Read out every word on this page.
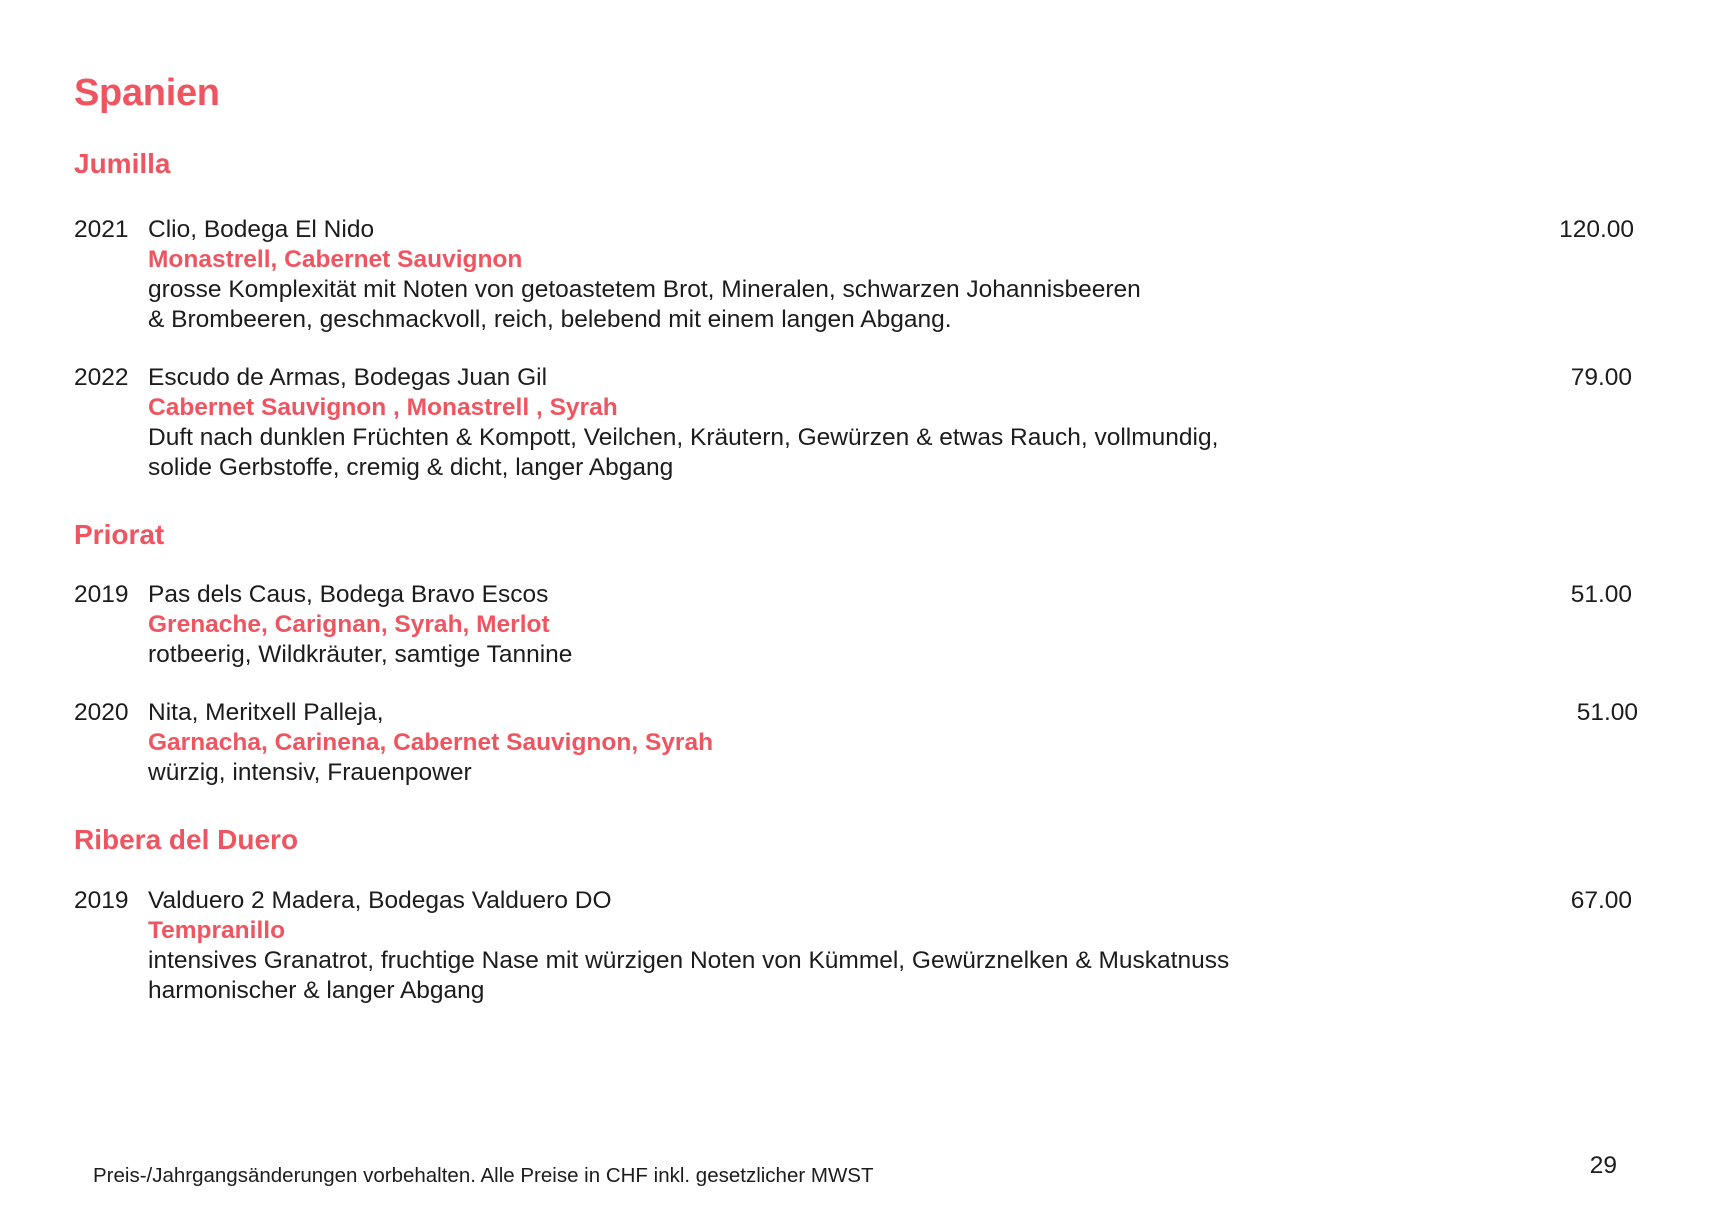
Spanien
Jumilla
2021 Clio, Bodega El Nido
Monastrell, Cabernet Sauvignon
grosse Komplexität mit Noten von getoastetem Brot, Mineralen, schwarzen Johannisbeeren
& Brombeeren, geschmackvoll, reich, belebend mit einem langen Abgang.
120.00
2022 Escudo de Armas, Bodegas Juan Gil
Cabernet Sauvignon , Monastrell , Syrah
Duft nach dunklen Früchten & Kompott, Veilchen, Kräutern, Gewürzen & etwas Rauch, vollmundig,
solide Gerbstoffe, cremig & dicht, langer Abgang
79.00
Priorat
2019 Pas dels Caus, Bodega Bravo Escos
Grenache, Carignan, Syrah, Merlot
rotbeerig, Wildkräuter, samtige Tannine
51.00
2020 Nita, Meritxell Palleja,
Garnacha, Carinena, Cabernet Sauvignon, Syrah
würzig, intensiv, Frauenpower
51.00
Ribera del Duero
2019 Valduero 2 Madera, Bodegas Valduero DO
Tempranillo
intensives Granatrot, fruchtige Nase mit würzigen Noten von Kümmel, Gewürznelken & Muskatnuss
harmonischer & langer Abgang
67.00
Preis-/Jahrgangsänderungen vorbehalten. Alle Preise in CHF inkl. gesetzlicher MWST	29
